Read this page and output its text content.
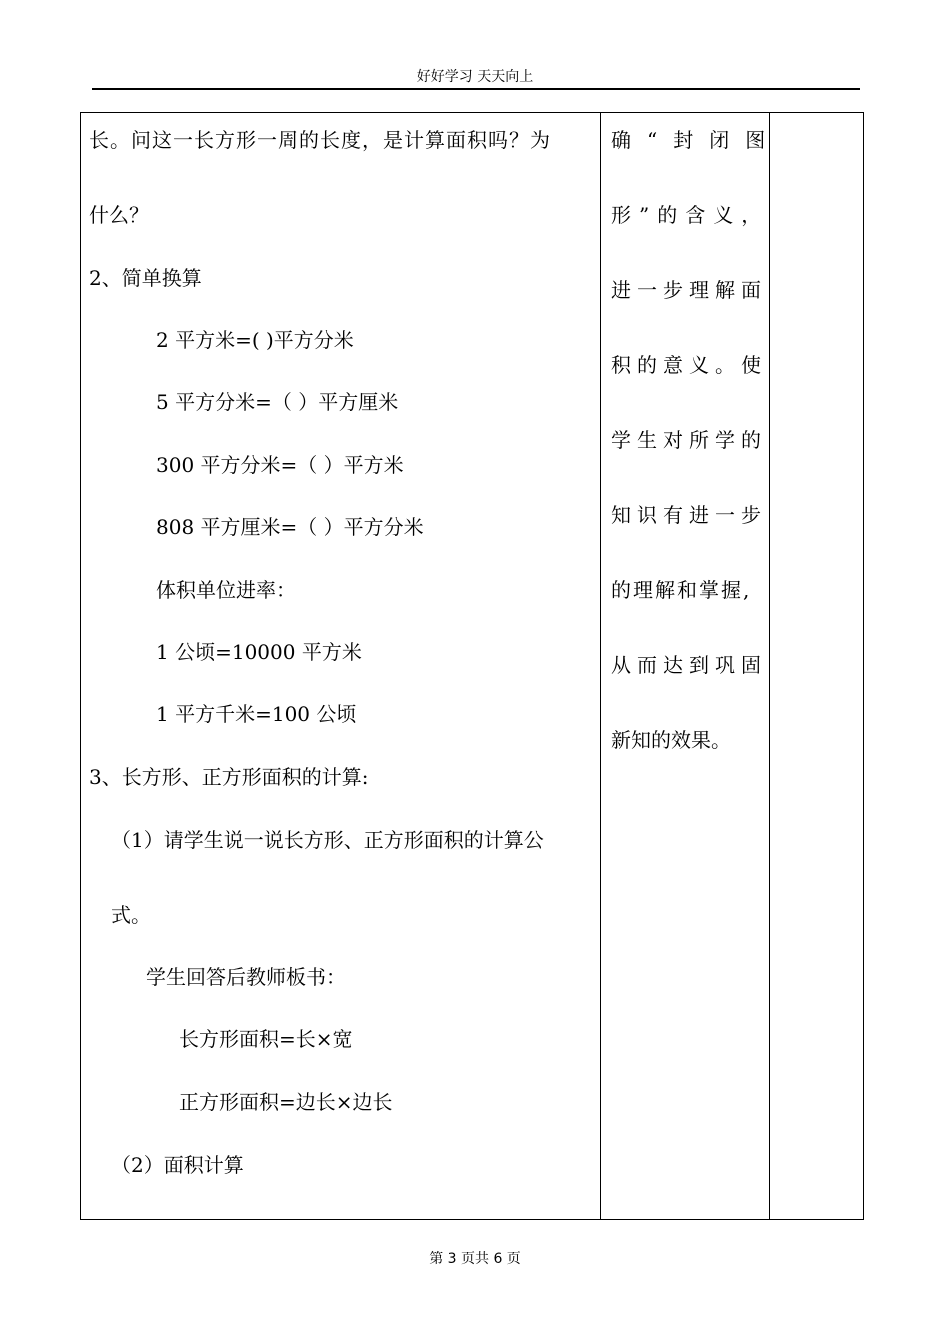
好好学习 天天向上
长。问这一长方形一周的长度，是计算面积吗？为
什么？
2、简单换算
2 平方米=( )平方分米
5 平方分米=（ ）平方厘米
300 平方分米=（ ）平方米
808 平方厘米=（ ）平方分米
体积单位进率：
1 公顷=10000 平方米
1 平方千米=100 公顷
3、长方形、正方形面积的计算:
（1）请学生说一说长方形、正方形面积的计算公
式。
学生回答后教师板书：
长方形面积=长×宽
正方形面积=边长×边长
（2）面积计算
确“封闭图
形”的含义，
进一步理解面
积的意义。使
学生对所学的
知识有进一步
的理解和掌握,
从而达到巩固
新知的效果。
第 3 页共 6 页
